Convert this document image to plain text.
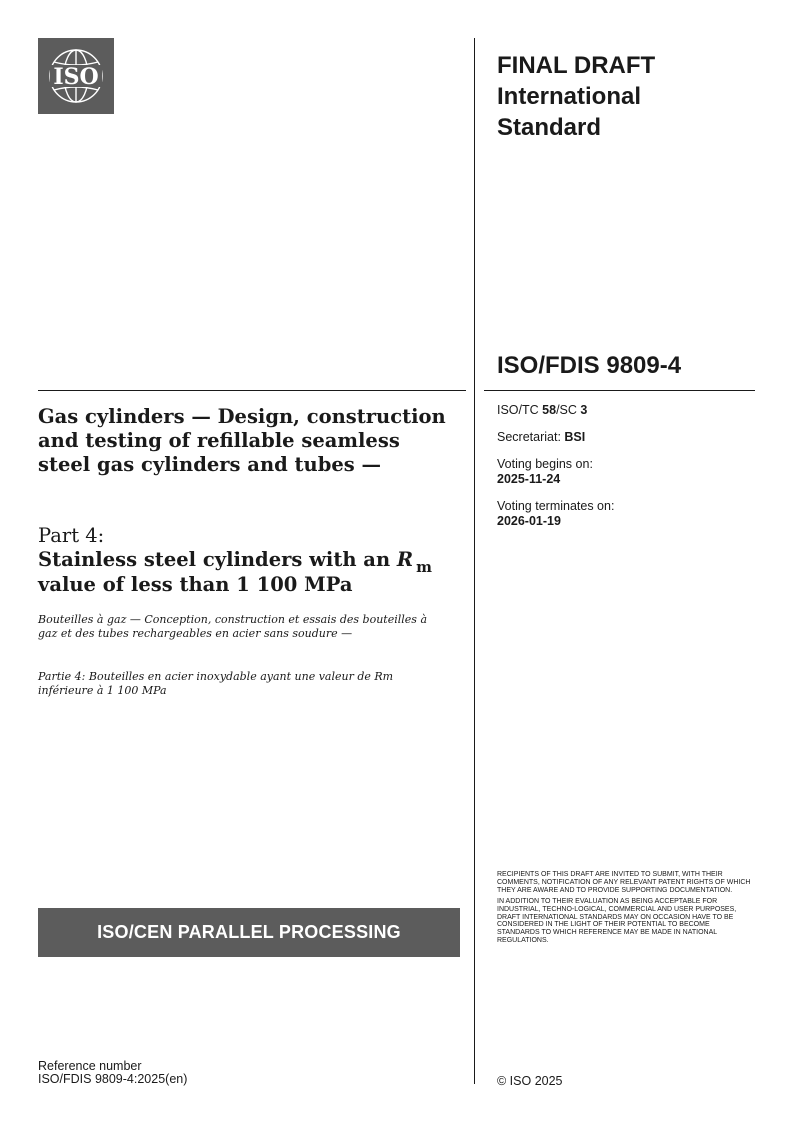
ISO	FINAL DRAFT
International
Standard
ISO/FDIS 9809-4
ISO/TC 58/SC 3
Secretariat: BSI
Voting begins on:
2025-11-24
Voting terminates on:
2026-01-19
Gas cylinders — Design, construction and testing of refillable seamless steel gas cylinders and tubes —
Part 4:
Stainless steel cylinders with an R $_m$
value of less than 1 100 MPa
Bouteilles à gaz — Conception, construction et essais des bouteilles à gaz et des tubes rechargeables en acier sans soudure —
Partie 4: Bouteilles en acier inoxydable ayant une valeur de Rm inférieure à 1 100 MPa
ISO/CEN PARALLEL PROCESSING

RECIPIENTS OF THIS DRAFT ARE INVITED TO SUBMIT, WITH THEIR COMMENTS, NOTIFICATION OF ANY RELEVANT PATENT RIGHTS OF WHICH THEY ARE AWARE AND TO PROVIDE SUPPORTING DOCUMENTATION.

IN ADDITION TO THEIR EVALUATION AS BEING ACCEPTABLE FOR INDUSTRIAL, TECHNO-LOGICAL, COMMERCIAL AND USER PURPOSES, DRAFT INTERNATIONAL STANDARDS MAY ON OCCASION HAVE TO BE CONSIDERED IN THE LIGHT OF THEIR POTENTIAL TO BECOME STANDARDS TO WHICH REFERENCE MAY BE MADE IN NATIONAL REGULATIONS.

Reference number
ISO/FDIS 9809-4:2025(en)	© ISO 2025
